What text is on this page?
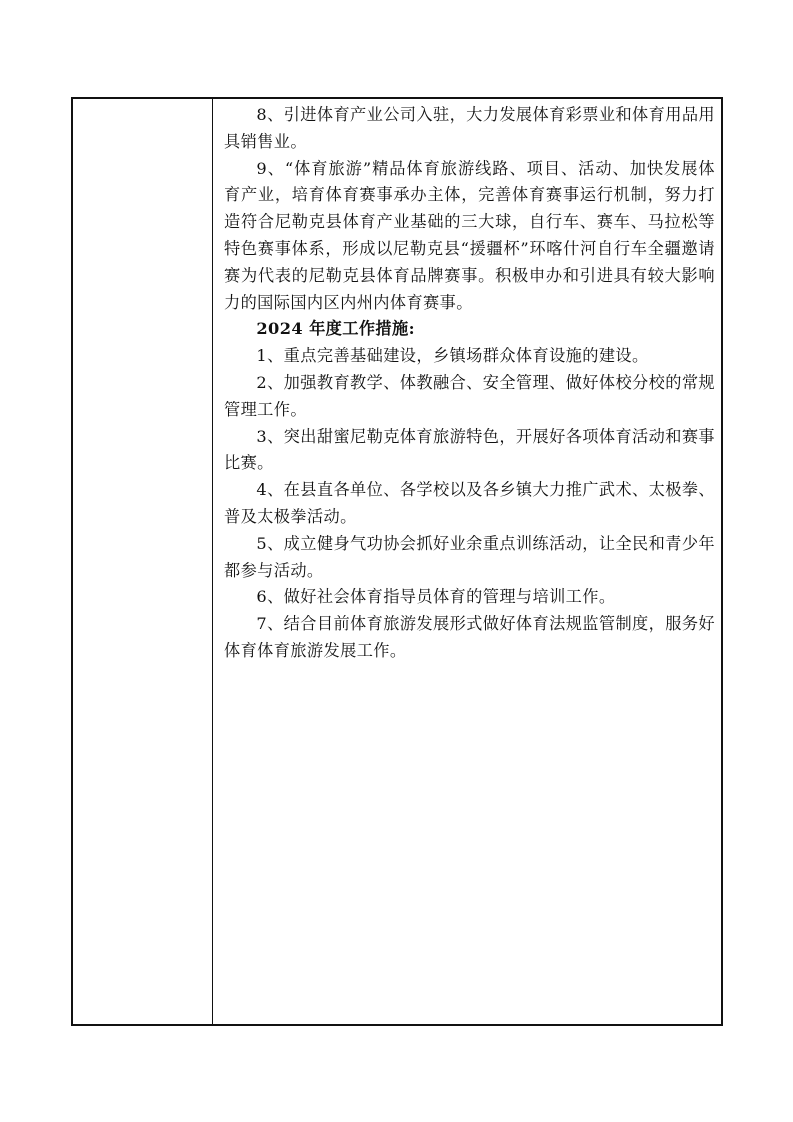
8、引进体育产业公司入驻，大力发展体育彩票业和体育用品用具销售业。

9、“体育旅游”精品体育旅游线路、项目、活动、加快发展体育产业，培育体育赛事承办主体，完善体育赛事运行机制，努力打造符合尼勒克县体育产业基础的三大球，自行车、赛车、马拉松等特色赛事体系，形成以尼勒克县“援疆杯”环喀什河自行车全疆邀请赛为代表的尼勒克县体育品牌赛事。积极申办和引进具有较大影响力的国际国内区内州内体育赛事。

2024 年度工作措施:

1、重点完善基础建设，乡镇场群众体育设施的建设。

2、加强教育教学、体教融合、安全管理、做好体校分校的常规管理工作。

3、突出甜蜜尼勒克体育旅游特色，开展好各项体育活动和赛事比赛。

4、在县直各单位、各学校以及各乡镇大力推广武术、太极拳、普及太极拳活动。

5、成立健身气功协会抓好业余重点训练活动，让全民和青少年都参与活动。

6、做好社会体育指导员体育的管理与培训工作。

7、结合目前体育旅游发展形式做好体育法规监管制度，服务好体育体育旅游发展工作。
